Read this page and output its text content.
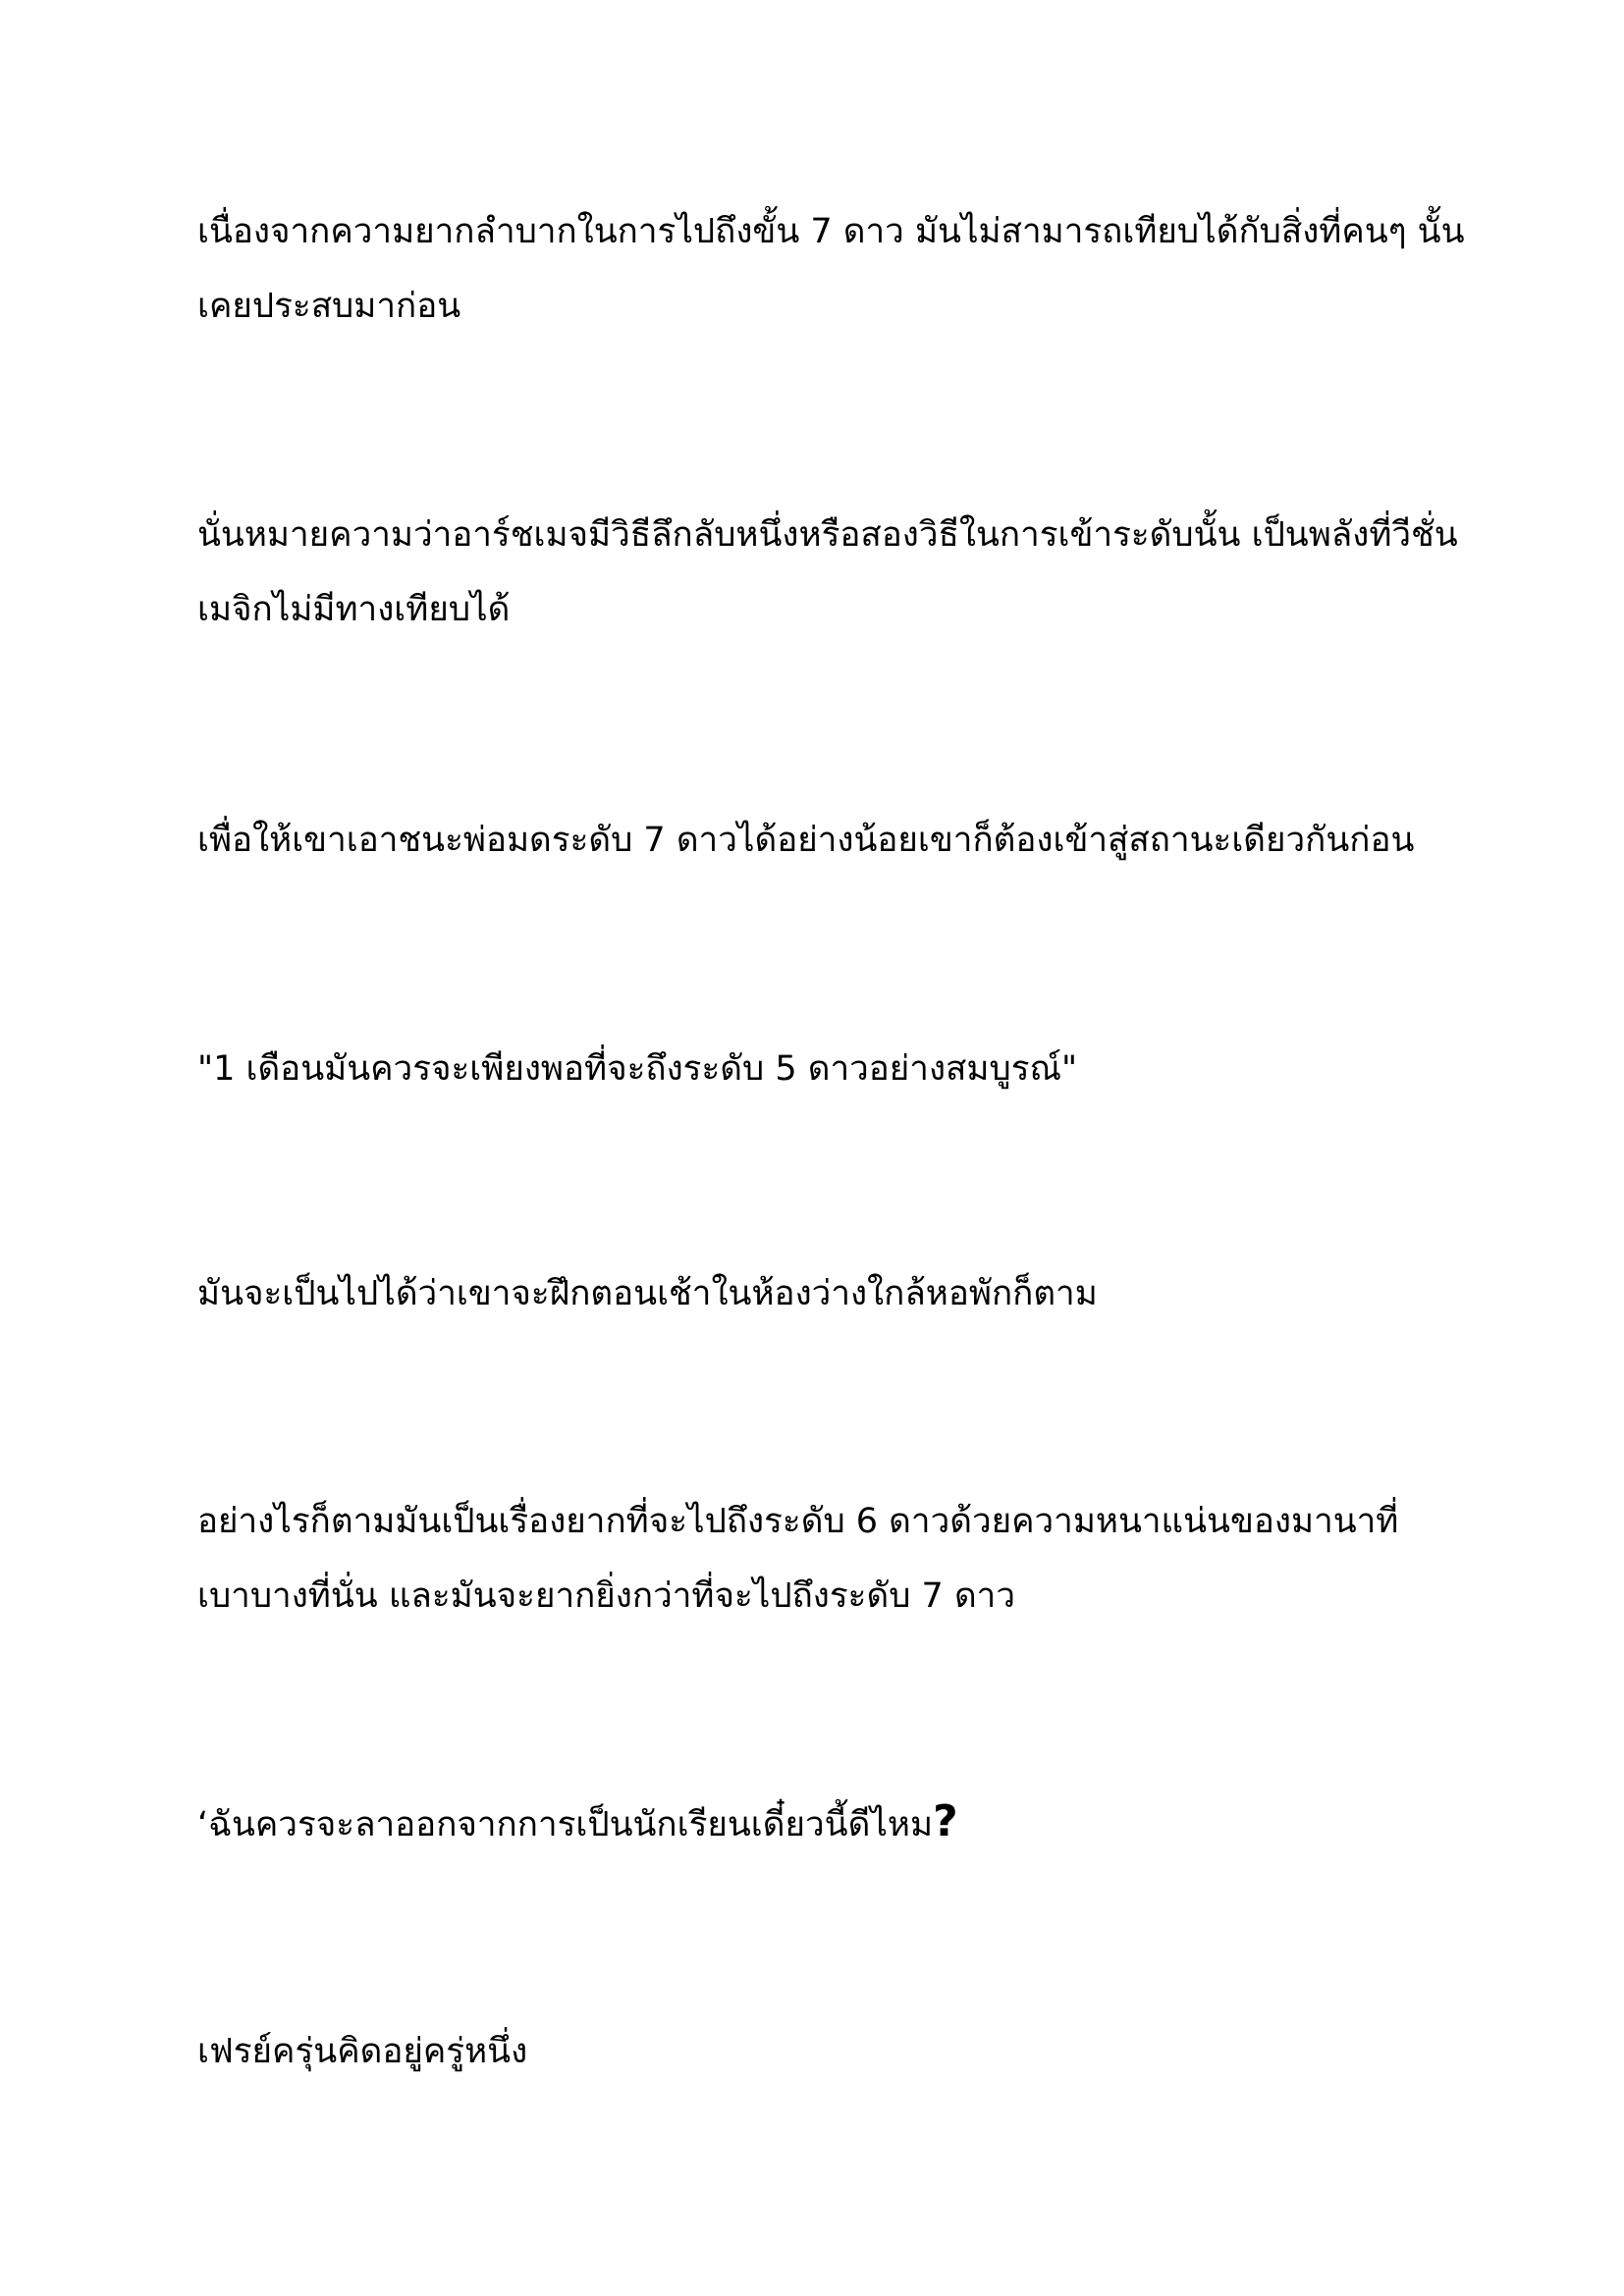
เนื่องจากความยากลำบากในการไปถึงขั้น 7 ดาว มันไม่สามารถเทียบได้กับสิ่งที่คนๆ นั้นเคยประสบมาก่อน

นั่นหมายความว่าอาร์ชเมจมีวิธีลึกลับหนึ่งหรือสองวิธีในการเข้าระดับนั้น เป็นพลังที่วีชั่นเมจิกไม่มีทางเทียบได้

เพื่อให้เขาเอาชนะพ่อมดระดับ 7 ดาวได้อย่างน้อยเขาก็ต้องเข้าสู่สถานะเดียวกันก่อน

"1 เดือนมันควรจะเพียงพอที่จะถึงระดับ 5 ดาวอย่างสมบูรณ์"

มันจะเป็นไปได้ว่าเขาจะฝึกตอนเช้าในห้องว่างใกล้หอพักก็ตาม

อย่างไรก็ตามมันเป็นเรื่องยากที่จะไปถึงระดับ 6 ดาวด้วยความหนาแน่นของมานาที่เบาบางที่นั่น และมันจะยากยิ่งกว่าที่จะไปถึงระดับ 7 ดาว

‘ฉันควรจะลาออกจากการเป็นนักเรียนเดี๋ยวนี้ดีไหม?

เฟรย์ครุ่นคิดอยู่ครู่หนึ่ง
